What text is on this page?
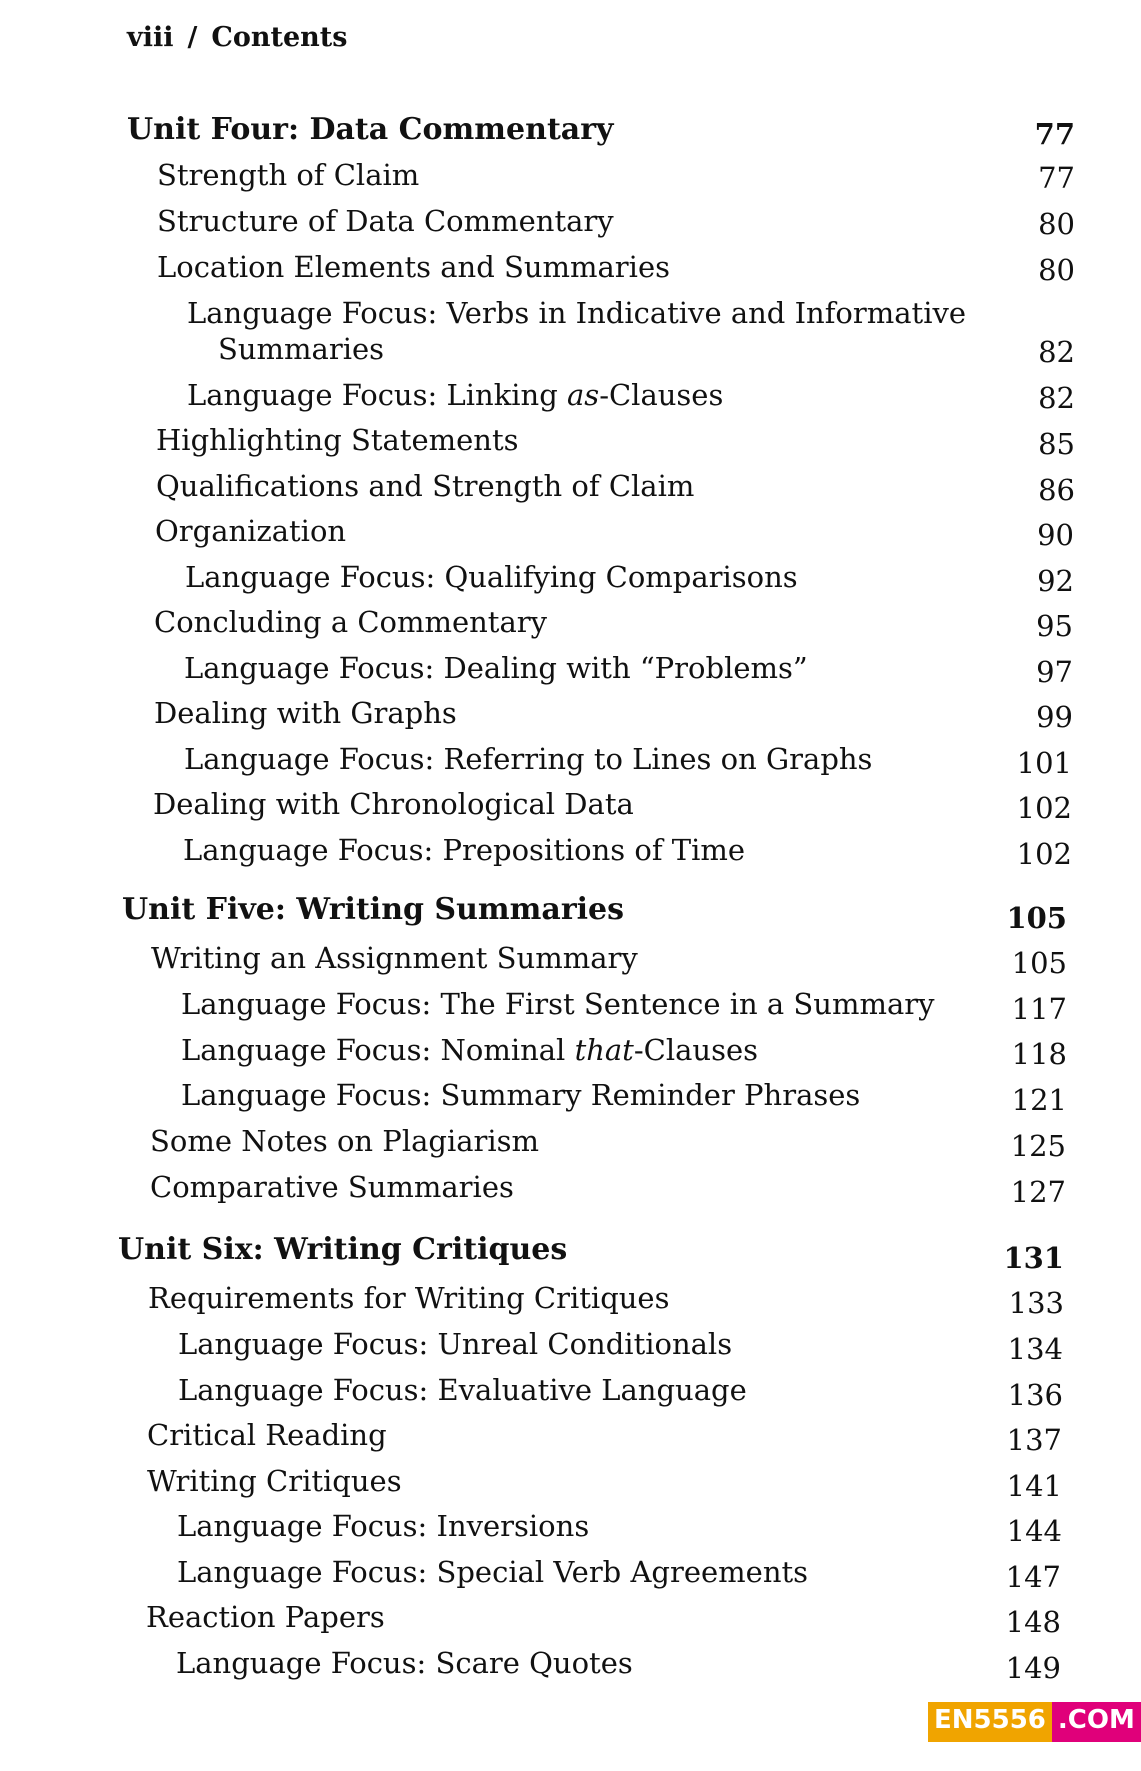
viii / Contents
Unit Four: Data Commentary	77
Strength of Claim	77
Structure of Data Commentary	80
Location Elements and Summaries	80
Language Focus: Verbs in Indicative and Informative
Summaries	82
Language Focus: Linking as-Clauses	82
Highlighting Statements	85
Qualifications and Strength of Claim	86
Organization	90
Language Focus: Qualifying Comparisons	92
Concluding a Commentary	95
Language Focus: Dealing with “Problems”	97
Dealing with Graphs	99
Language Focus: Referring to Lines on Graphs	101
Dealing with Chronological Data	102
Language Focus: Prepositions of Time	102
Unit Five: Writing Summaries	105
Writing an Assignment Summary	105
Language Focus: The First Sentence in a Summary	117
Language Focus: Nominal that-Clauses	118
Language Focus: Summary Reminder Phrases	121
Some Notes on Plagiarism	125
Comparative Summaries	127
Unit Six: Writing Critiques	131
Requirements for Writing Critiques	133
Language Focus: Unreal Conditionals	134
Language Focus: Evaluative Language	136
Critical Reading	137
Writing Critiques	141
Language Focus: Inversions	144
Language Focus: Special Verb Agreements	147
Reaction Papers	148
Language Focus: Scare Quotes	149
EN5556 .COM
